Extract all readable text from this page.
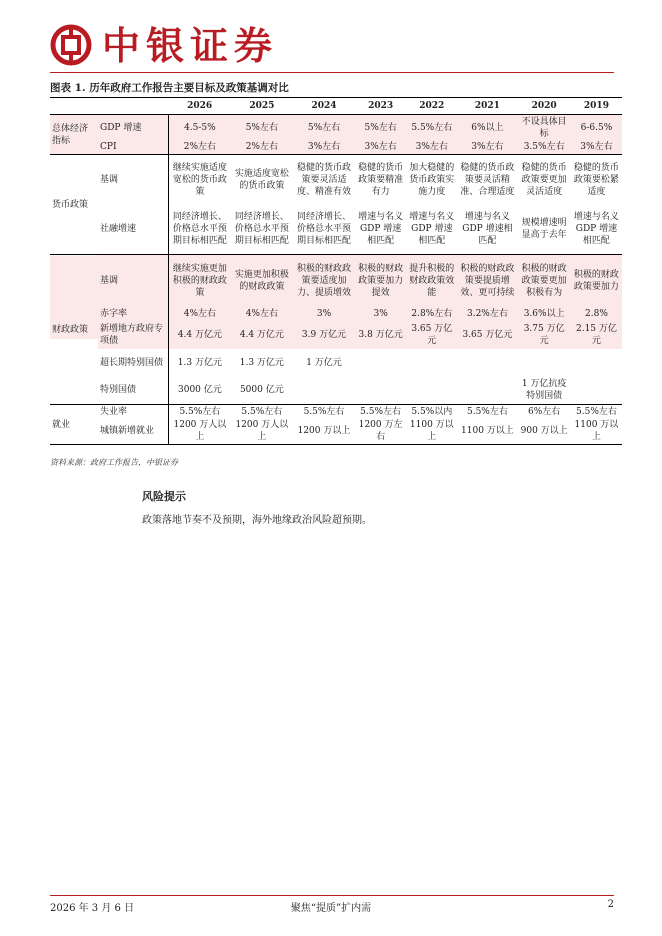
中银证券
图表 1. 历年政府工作报告主要目标及政策基调对比
		2026	2025	2024	2023	2022	2021	2020	2019
总体经济指标	GDP 增速	4.5-5%	5%左右	5%左右	5%左右	5.5%左右	6%以上	不设具体目标	6-6.5%
	CPI	2%左右	2%左右	3%左右	3%左右	3%左右	3%左右	3.5%左右	3%左右
货币政策	基调	继续实施适度宽松的货币政策	实施适度宽松的货币政策	稳健的货币政策要灵活适度、精准有效	稳健的货币政策要精准有力	加大稳健的货币政策实施力度	稳健的货币政策要灵活精准、合理适度	稳健的货币政策要更加灵活适度	稳健的货币政策要松紧适度
	社融增速	同经济增长、价格总水平预期目标相匹配	同经济增长、价格总水平预期目标相匹配	同经济增长、价格总水平预期目标相匹配	增速与名义 GDP 增速相匹配	增速与名义 GDP 增速相匹配	增速与名义 GDP 增速相匹配	规模增速明显高于去年	增速与名义 GDP 增速相匹配
财政政策	基调	继续实施更加积极的财政政策	实施更加积极的财政政策	积极的财政政策要适度加力、提质增效	积极的财政政策要加力提效	提升积极的财政政策效能	积极的财政政策要提质增效、更可持续	积极的财政政策要更加积极有为	积极的财政政策要加力
	赤字率	4%左右	4%左右	3%	3%	2.8%左右	3.2%左右	3.6%以上	2.8%
	新增地方政府专项债	4.4 万亿元	4.4 万亿元	3.9 万亿元	3.8 万亿元	3.65 万亿元	3.65 万亿元	3.75 万亿元	2.15 万亿元
	超长期特别国债	1.3 万亿元	1.3 万亿元	1 万亿元					
	特别国债	3000 亿元	5000 亿元					1 万亿抗疫特别国债	
就业	失业率	5.5%左右	5.5%左右	5.5%左右	5.5%左右	5.5%以内	5.5%左右	6%左右	5.5%左右
	城镇新增就业	1200 万人以上	1200 万人以上	1200 万以上	1200 万左右	1100 万以上	1100 万以上	900 万以上	1100 万以上
资料来源：政府工作报告，中银证券
风险提示
政策落地节奏不及预期，海外地缘政治风险超预期。
2026 年 3 月 6 日	聚焦“提质”扩内需	2
